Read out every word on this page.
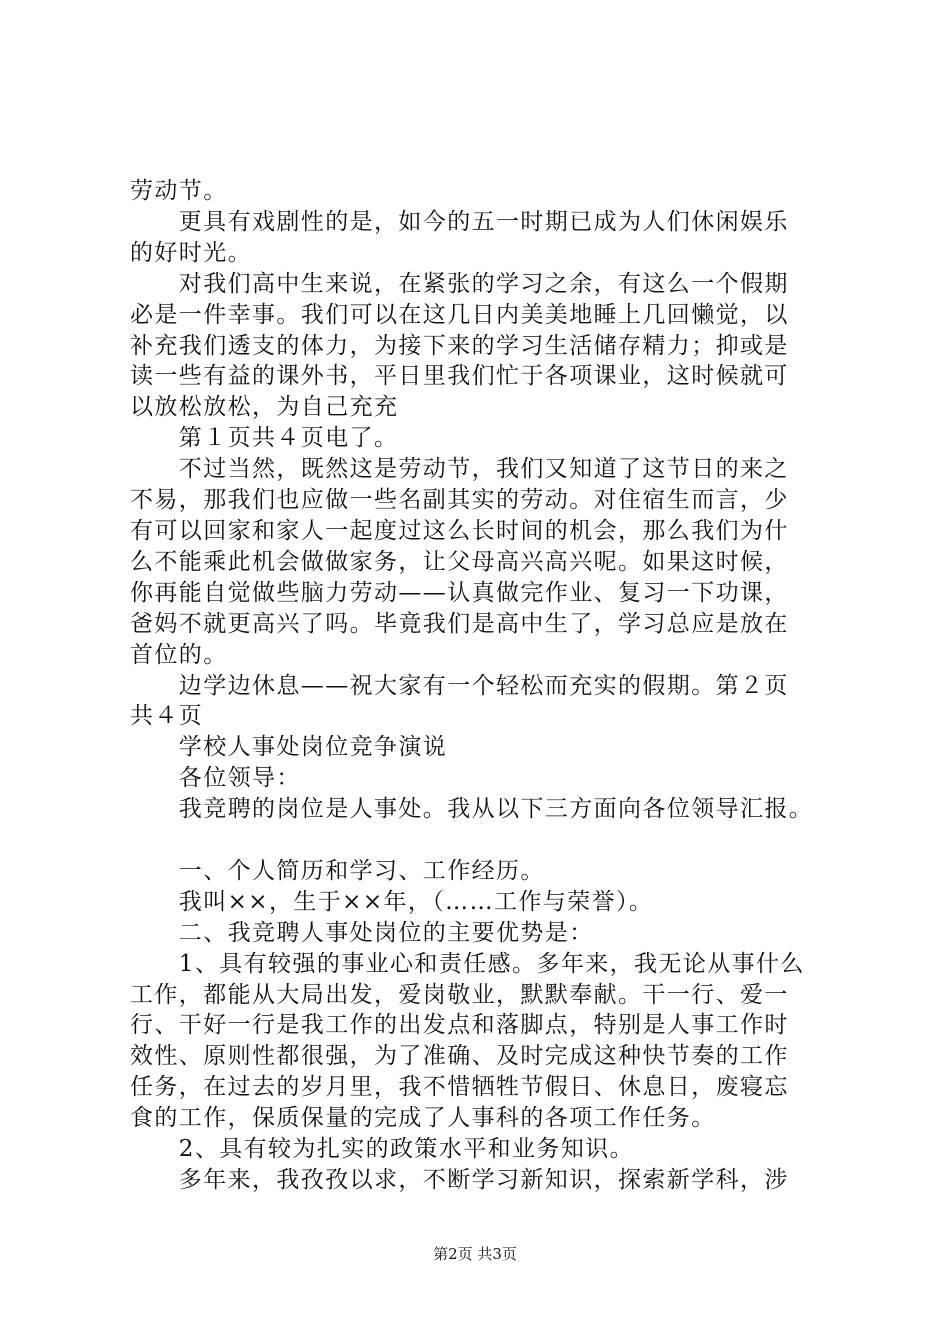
劳动节。
　　更具有戏剧性的是，如今的五一时期已成为人们休闲娱乐
的好时光。
　　对我们高中生来说，在紧张的学习之余，有这么一个假期
必是一件幸事。我们可以在这几日内美美地睡上几回懒觉，以
补充我们透支的体力，为接下来的学习生活储存精力；抑或是
读一些有益的课外书，平日里我们忙于各项课业，这时候就可
以放松放松，为自己充充
　　第１页共４页电了。
　　不过当然，既然这是劳动节，我们又知道了这节日的来之
不易，那我们也应做一些名副其实的劳动。对住宿生而言，少
有可以回家和家人一起度过这么长时间的机会，那么我们为什
么不能乘此机会做做家务，让父母高兴高兴呢。如果这时候，
你再能自觉做些脑力劳动——认真做完作业、复习一下功课，
爸妈不就更高兴了吗。毕竟我们是高中生了，学习总应是放在
首位的。
　　边学边休息——祝大家有一个轻松而充实的假期。第２页
共４页
　　学校人事处岗位竞争演说
　　各位领导：
　　我竞聘的岗位是人事处。我从以下三方面向各位领导汇报。
　　一、个人简历和学习、工作经历。
　　我叫××，生于××年，（……工作与荣誉）。
　　二、我竞聘人事处岗位的主要优势是：
　　1、具有较强的事业心和责任感。多年来，我无论从事什么
工作，都能从大局出发，爱岗敬业，默默奉献。干一行、爱一
行、干好一行是我工作的出发点和落脚点，特别是人事工作时
效性、原则性都很强，为了准确、及时完成这种快节奏的工作
任务，在过去的岁月里，我不惜牺牲节假日、休息日，废寝忘
食的工作，保质保量的完成了人事科的各项工作任务。
　　2、具有较为扎实的政策水平和业务知识。
　　多年来，我孜孜以求，不断学习新知识，探索新学科，涉
第2页 共3页
